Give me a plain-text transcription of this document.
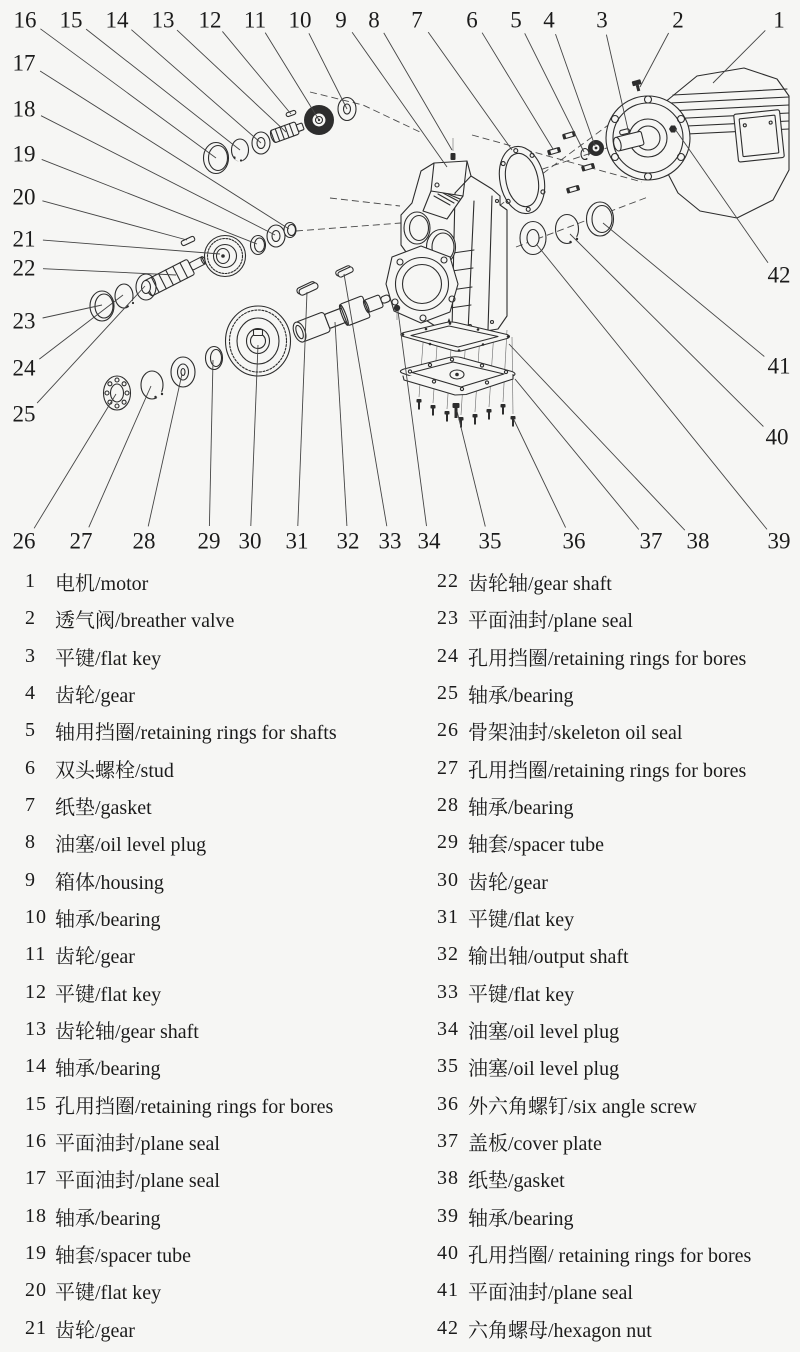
16 15 14 13 12 11 10 9 8 7 6 5 4 3	2	1
17
18
19
20
21
22
23
24
25
26 27 28 29 30 31 32 33 34 35	36 37 38	39
40
41
42
1 电机/motor
2 透气阀/breather valve
3 平键/flat key
4 齿轮/gear
5 轴用挡圈/retaining rings for shafts
6 双头螺栓/stud
7 纸垫/gasket
8 油塞/oil level plug
9 箱体/housing
10 轴承/bearing
11 齿轮/gear
12 平键/flat key
13 齿轮轴/gear shaft
14 轴承/bearing
15 孔用挡圈/retaining rings for bores
16 平面油封/plane seal
17 平面油封/plane seal
18 轴承/bearing
19 轴套/spacer tube
20 平键/flat key
21 齿轮/gear
22 齿轮轴/gear shaft
23 平面油封/plane seal
24 孔用挡圈/retaining rings for bores
25 轴承/bearing
26 骨架油封/skeleton oil seal
27 孔用挡圈/retaining rings for bores
28 轴承/bearing
29 轴套/spacer tube
30 齿轮/gear
31 平键/flat key
32 输出轴/output shaft
33 平键/flat key
34 油塞/oil level plug
35 油塞/oil level plug
36 外六角螺钉/six angle screw
37 盖板/cover plate
38 纸垫/gasket
39 轴承/bearing
40 孔用挡圈/ retaining rings for bores
41 平面油封/plane seal
42 六角螺母/hexagon nut
